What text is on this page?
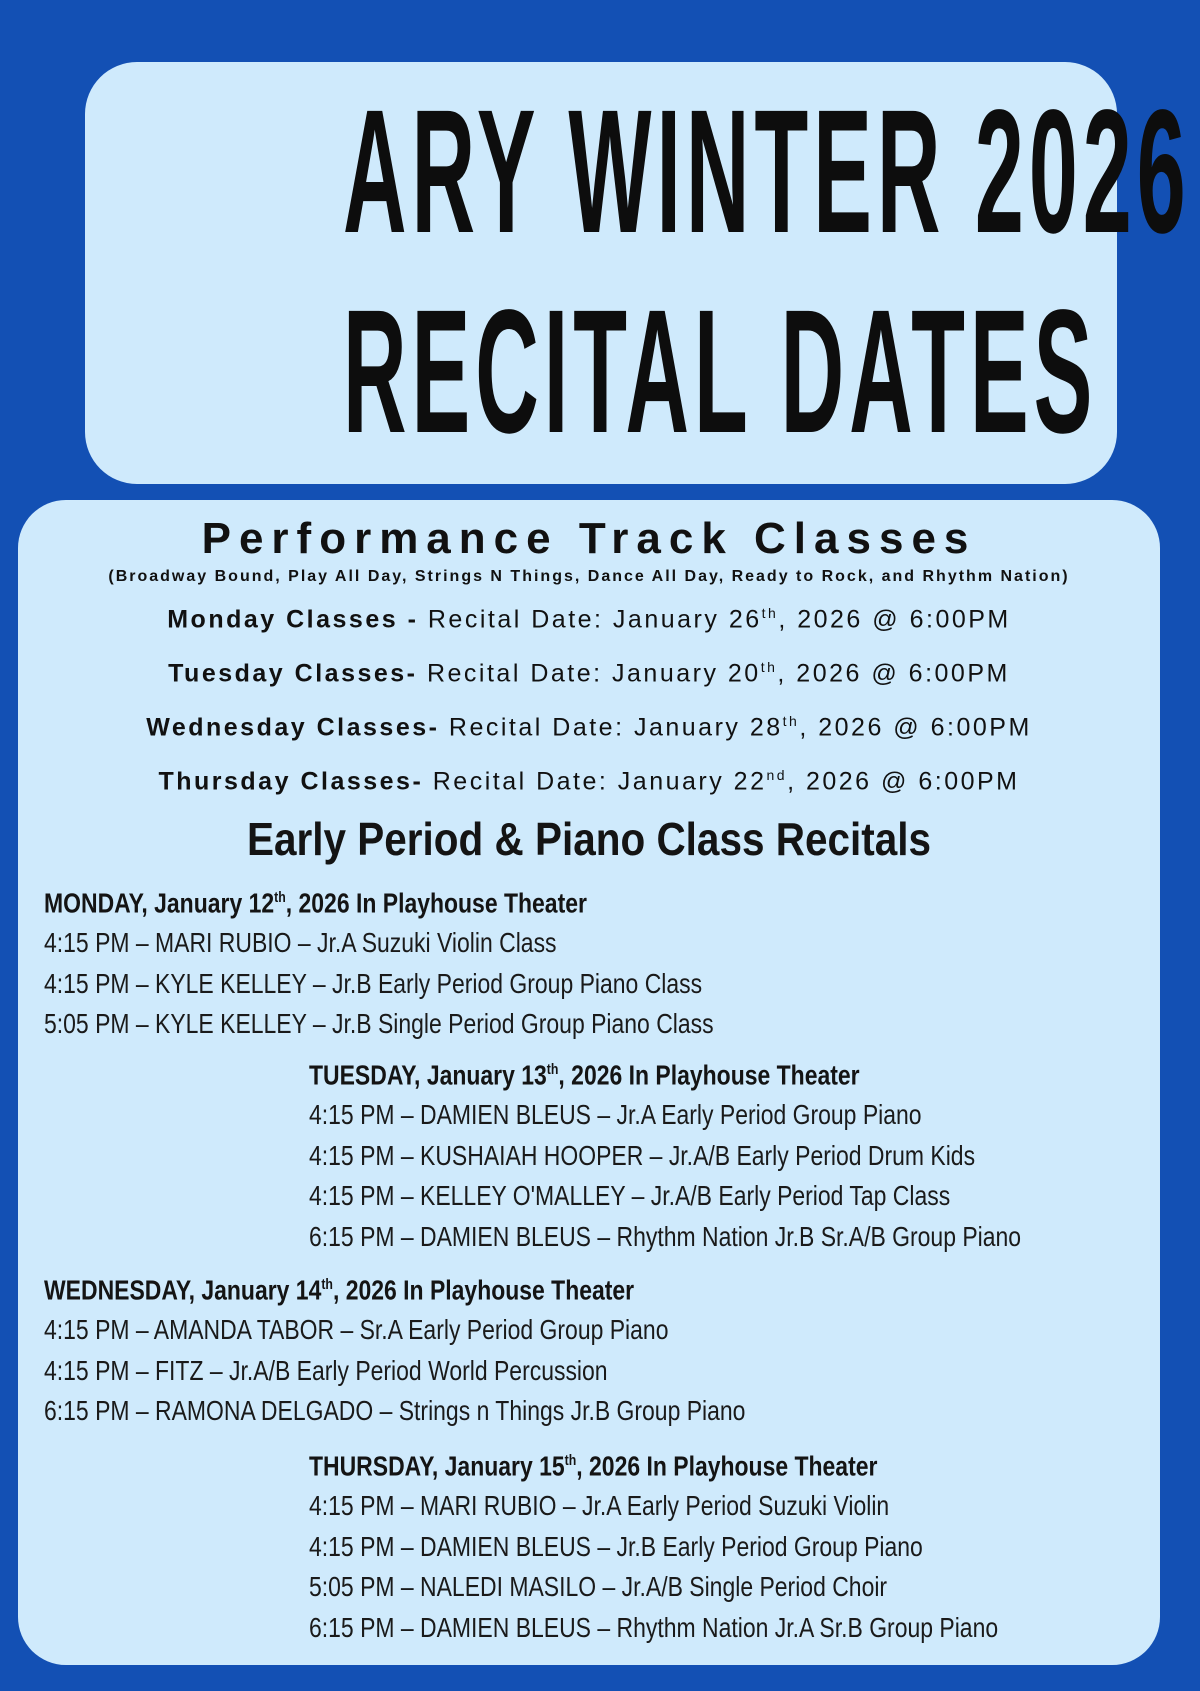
ARY WINTER 2026
RECITAL DATES
Performance Track Classes
(Broadway Bound, Play All Day, Strings N Things, Dance All Day, Ready to Rock, and Rhythm Nation)
Monday Classes - Recital Date: January 26th, 2026 @ 6:00PM
Tuesday Classes- Recital Date: January 20th, 2026 @ 6:00PM
Wednesday Classes- Recital Date: January 28th, 2026 @ 6:00PM
Thursday Classes- Recital Date: January 22nd, 2026 @ 6:00PM
Early Period & Piano Class Recitals
MONDAY, January 12th, 2026 In Playhouse Theater
4:15 PM – MARI RUBIO – Jr.A Suzuki Violin Class
4:15 PM – KYLE KELLEY – Jr.B Early Period Group Piano Class
5:05 PM – KYLE KELLEY – Jr.B Single Period Group Piano Class
TUESDAY, January 13th, 2026 In Playhouse Theater
4:15 PM – DAMIEN BLEUS – Jr.A Early Period Group Piano
4:15 PM – KUSHAIAH HOOPER – Jr.A/B Early Period Drum Kids
4:15 PM – KELLEY O'MALLEY – Jr.A/B Early Period Tap Class
6:15 PM – DAMIEN BLEUS – Rhythm Nation Jr.B Sr.A/B Group Piano
WEDNESDAY, January 14th, 2026 In Playhouse Theater
4:15 PM – AMANDA TABOR – Sr.A Early Period Group Piano
4:15 PM – FITZ – Jr.A/B Early Period World Percussion
6:15 PM – RAMONA DELGADO – Strings n Things Jr.B Group Piano
THURSDAY, January 15th, 2026 In Playhouse Theater
4:15 PM – MARI RUBIO – Jr.A Early Period Suzuki Violin
4:15 PM – DAMIEN BLEUS – Jr.B Early Period Group Piano
5:05 PM – NALEDI MASILO – Jr.A/B Single Period Choir
6:15 PM – DAMIEN BLEUS – Rhythm Nation Jr.A Sr.B Group Piano
